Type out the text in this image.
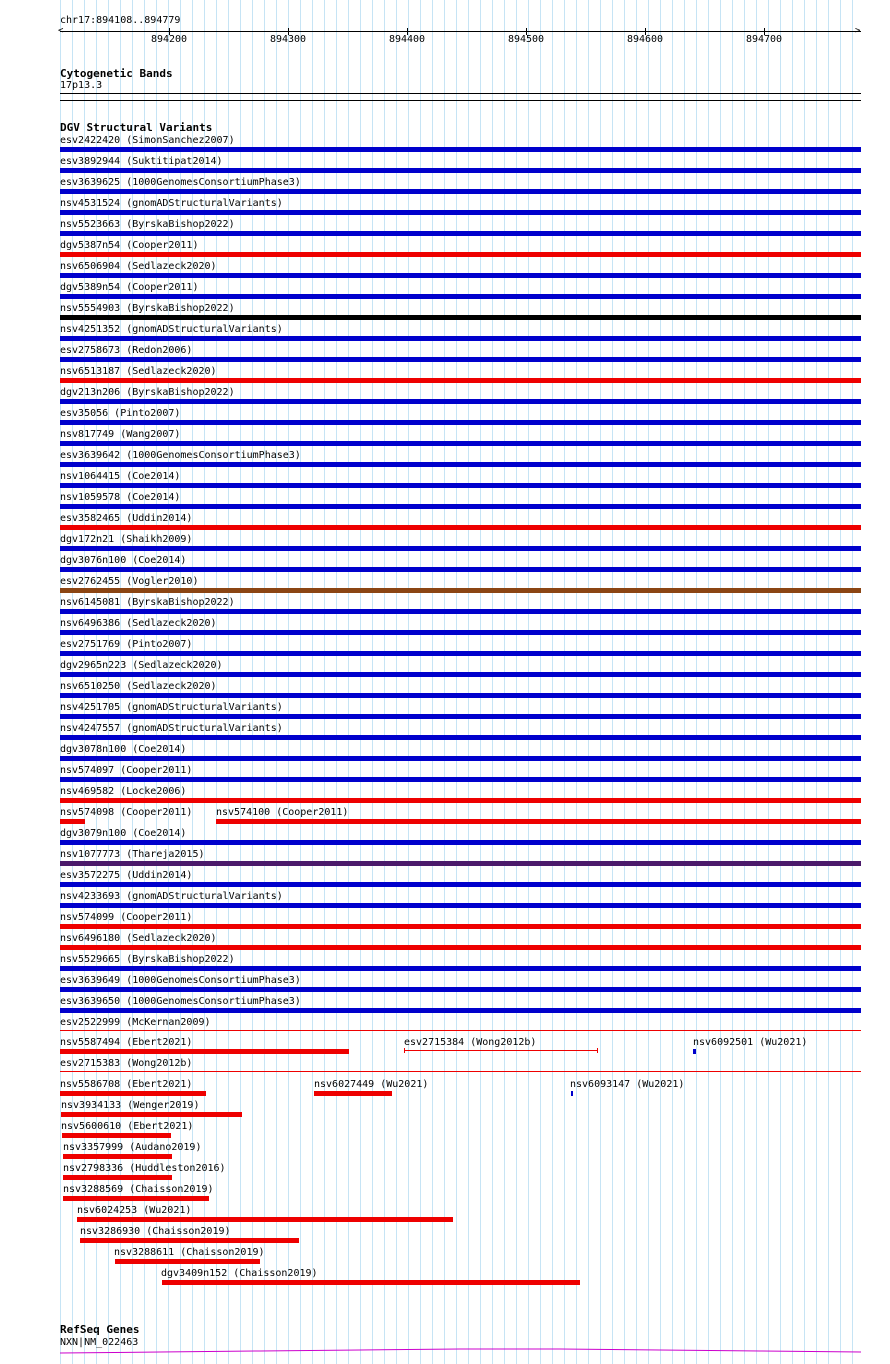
chr17:894108..894779
<	>
894200	894300	894400	894500	894600	894700
Cytogenetic Bands
17p13.3
DGV Structural Variants
esv2422420 (SimonSanchez2007)
esv3892944 (Suktitipat2014)
esv3639625 (1000GenomesConsortiumPhase3)
nsv4531524 (gnomADStructuralVariants)
nsv5523663 (ByrskaBishop2022)
dgv5387n54 (Cooper2011)
nsv6506904 (Sedlazeck2020)
dgv5389n54 (Cooper2011)
nsv5554903 (ByrskaBishop2022)
nsv4251352 (gnomADStructuralVariants)
esv2758673 (Redon2006)
nsv6513187 (Sedlazeck2020)
dgv213n206 (ByrskaBishop2022)
esv35056 (Pinto2007)
nsv817749 (Wang2007)
esv3639642 (1000GenomesConsortiumPhase3)
nsv1064415 (Coe2014)
nsv1059578 (Coe2014)
esv3582465 (Uddin2014)
dgv172n21 (Shaikh2009)
dgv3076n100 (Coe2014)
esv2762455 (Vogler2010)
nsv6145081 (ByrskaBishop2022)
nsv6496386 (Sedlazeck2020)
esv2751769 (Pinto2007)
dgv2965n223 (Sedlazeck2020)
nsv6510250 (Sedlazeck2020)
nsv4251705 (gnomADStructuralVariants)
nsv4247557 (gnomADStructuralVariants)
dgv3078n100 (Coe2014)
nsv574097 (Cooper2011)
nsv469582 (Locke2006)
nsv574098 (Cooper2011) nsv574100 (Cooper2011)
dgv3079n100 (Coe2014)
nsv1077773 (Thareja2015)
esv3572275 (Uddin2014)
nsv4233693 (gnomADStructuralVariants)
nsv574099 (Cooper2011)
nsv6496180 (Sedlazeck2020)
nsv5529665 (ByrskaBishop2022)
esv3639649 (1000GenomesConsortiumPhase3)
esv3639650 (1000GenomesConsortiumPhase3)
esv2522999 (McKernan2009)
nsv5587494 (Ebert2021)	esv2715384 (Wong2012b)	nsv6092501 (Wu2021)
esv2715383 (Wong2012b)
nsv5586708 (Ebert2021)	nsv6027449 (Wu2021)	nsv6093147 (Wu2021)
nsv3934133 (Wenger2019)
nsv5600610 (Ebert2021)
nsv3357999 (Audano2019)
nsv2798336 (Huddleston2016)
nsv3288569 (Chaisson2019)
nsv6024253 (Wu2021)
nsv3286930 (Chaisson2019)
nsv3288611 (Chaisson2019)
dgv3409n152 (Chaisson2019)
RefSeq Genes
NXN|NM_022463
